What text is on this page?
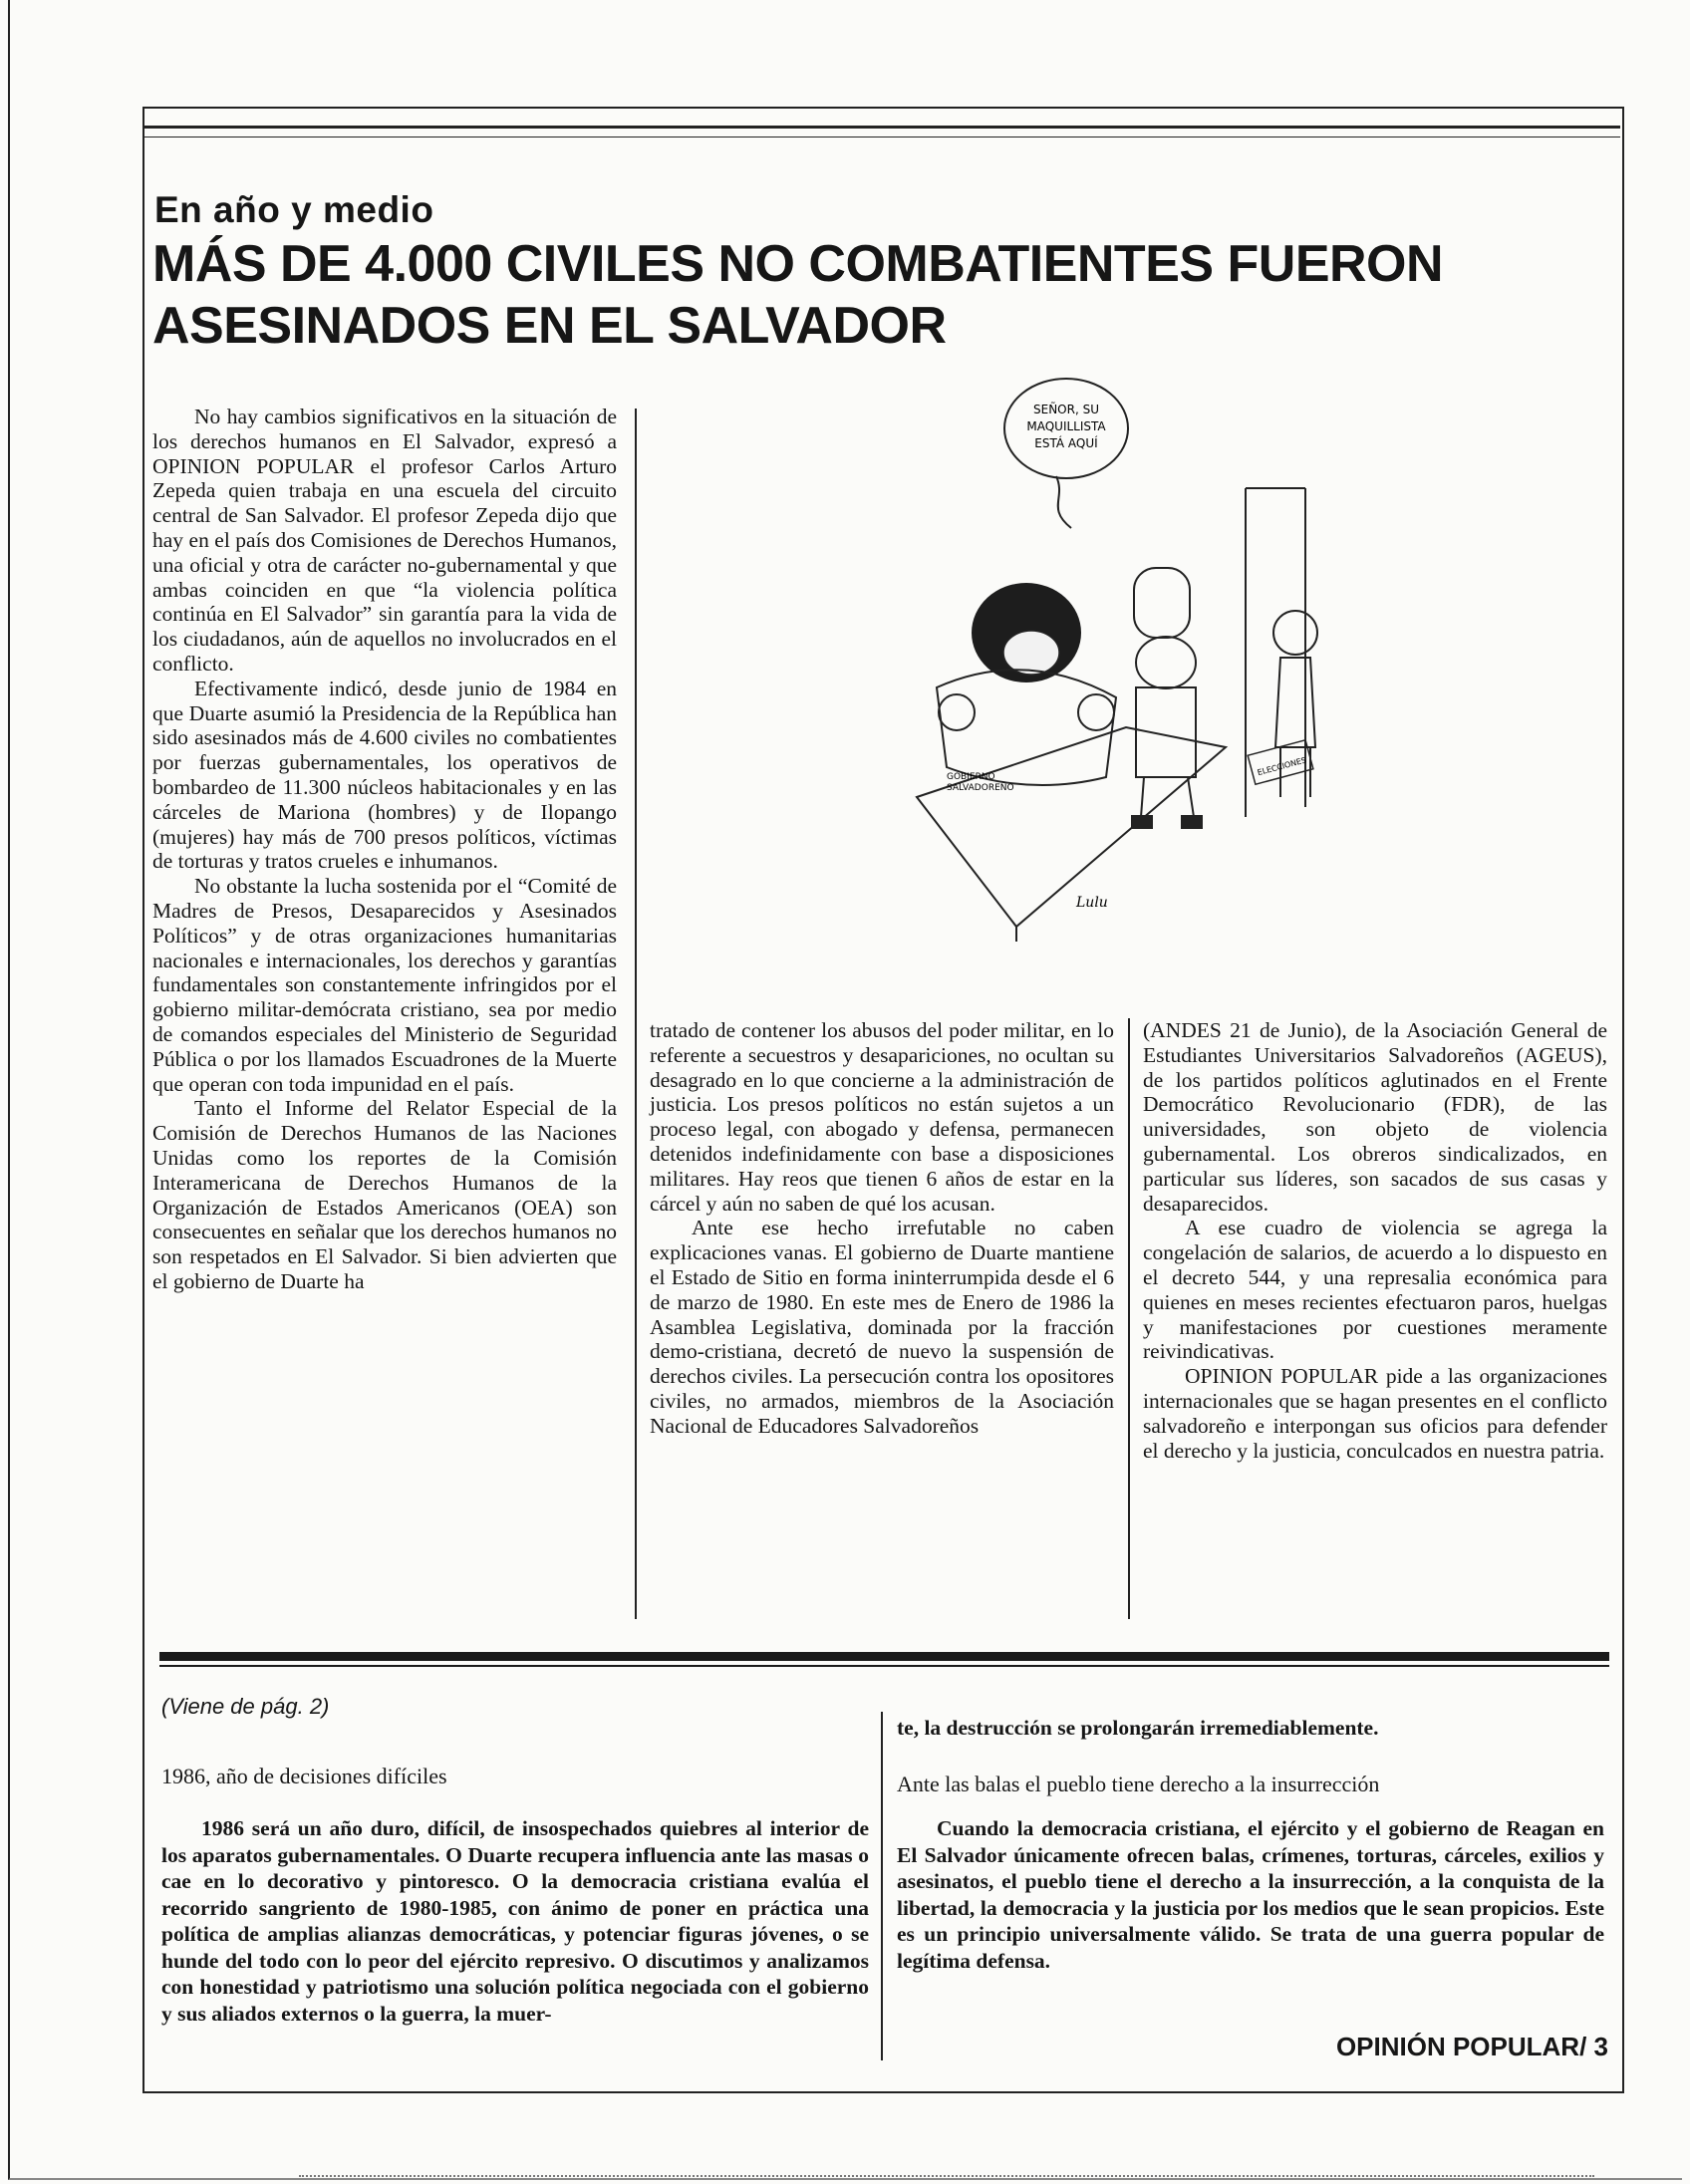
En año y medio
MÁS DE 4.000 CIVILES NO COMBATIENTES FUERON
ASESINADOS EN EL SALVADOR

No hay cambios significativos en la situación de los derechos humanos en El Salvador, expresó a OPINION POPULAR el profesor Carlos Arturo Zepeda quien trabaja en una escuela del circuito central de San Salvador. El profesor Zepeda dijo que hay en el país dos Comisiones de Derechos Humanos, una oficial y otra de carácter no-gubernamental y que ambas coinciden en que “la violencia política continúa en El Salvador” sin garantía para la vida de los ciudadanos, aún de aquellos no involucrados en el conflicto.

Efectivamente indicó, desde junio de 1984 en que Duarte asumió la Presidencia de la República han sido asesinados más de 4.600 civiles no combatientes por fuerzas gubernamentales, los operativos de bombardeo de 11.300 núcleos habitacionales y en las cárceles de Mariona (hombres) y de Ilopango (mujeres) hay más de 700 presos políticos, víctimas de torturas y tratos crueles e inhumanos.

No obstante la lucha sostenida por el “Comité de Madres de Presos, Desaparecidos y Asesinados Políticos” y de otras organizaciones humanitarias nacionales e internacionales, los derechos y garantías fundamentales son constantemente infringidos por el gobierno militar-demócrata cristiano, sea por medio de comandos especiales del Ministerio de Seguridad Pública o por los llamados Escuadrones de la Muerte que operan con toda impunidad en el país.

Tanto el Informe del Relator Especial de la Comisión de Derechos Humanos de las Naciones Unidas como los reportes de la Comisión Interamericana de Derechos Humanos de la Organización de Estados Americanos (OEA) son consecuentes en señalar que los derechos humanos no son respetados en El Salvador. Si bien advierten que el gobierno de Duarte ha

SEÑOR, SU
MAQUILLISTA
ESTÁ AQUÍ
GOBIERNO
SALVADOREÑO
ELECCIONES
Lulu

tratado de contener los abusos del poder militar, en lo referente a secuestros y desapariciones, no ocultan su desagrado en lo que concierne a la administración de justicia. Los presos políticos no están sujetos a un proceso legal, con abogado y defensa, permanecen detenidos indefinidamente con base a disposiciones militares. Hay reos que tienen 6 años de estar en la cárcel y aún no saben de qué los acusan.

Ante ese hecho irrefutable no caben explicaciones vanas. El gobierno de Duarte mantiene el Estado de Sitio en forma ininterrumpida desde el 6 de marzo de 1980. En este mes de Enero de 1986 la Asamblea Legislativa, dominada por la fracción demo-cristiana, decretó de nuevo la suspensión de derechos civiles. La persecución contra los opositores civiles, no armados, miembros de la Asociación Nacional de Educadores Salvadoreños

(ANDES 21 de Junio), de la Asociación General de Estudiantes Universitarios Salvadoreños (AGEUS), de los partidos políticos aglutinados en el Frente Democrático Revolucionario (FDR), de las universidades, son objeto de violencia gubernamental. Los obreros sindicalizados, en particular sus líderes, son sacados de sus casas y desaparecidos.

A ese cuadro de violencia se agrega la congelación de salarios, de acuerdo a lo dispuesto en el decreto 544, y una represalia económica para quienes en meses recientes efectuaron paros, huelgas y manifestaciones por cuestiones meramente reivindicativas.

OPINION POPULAR pide a las organizaciones internacionales que se hagan presentes en el conflicto salvadoreño e interpongan sus oficios para defender el derecho y la justicia, conculcados en nuestra patria.

(Viene de pág. 2)
1986, año de decisiones difíciles

1986 será un año duro, difícil, de insospechados quiebres al interior de los aparatos gubernamentales. O Duarte recupera influencia ante las masas o cae en lo decorativo y pintoresco. O la democracia cristiana evalúa el recorrido sangriento de 1980-1985, con ánimo de poner en práctica una política de amplias alianzas democráticas, y potenciar figuras jóvenes, o se hunde del todo con lo peor del ejército represivo. O discutimos y analizamos con honestidad y patriotismo una solución política negociada con el gobierno y sus aliados externos o la guerra, la muer-

te, la destrucción se prolongarán irremediablemente.
Ante las balas el pueblo tiene derecho a la insurrección

Cuando la democracia cristiana, el ejército y el gobierno de Reagan en El Salvador únicamente ofrecen balas, crímenes, torturas, cárceles, exilios y asesinatos, el pueblo tiene el derecho a la insurrección, a la conquista de la libertad, la democracia y la justicia por los medios que le sean propicios. Este es un principio universalmente válido. Se trata de una guerra popular de legítima defensa.

OPINIÓN POPULAR/ 3
